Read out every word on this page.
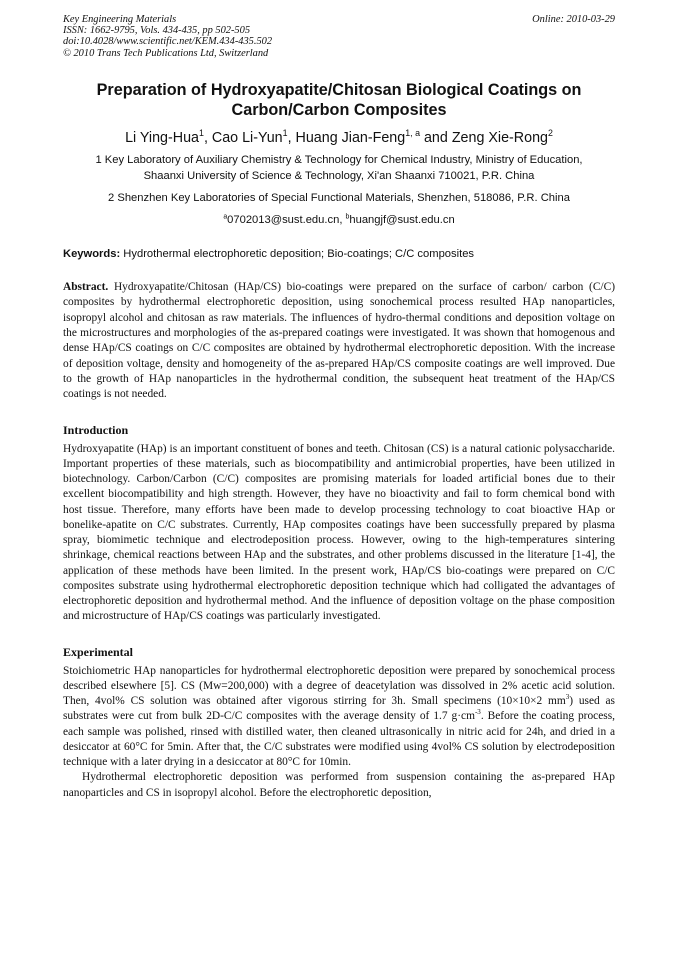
Key Engineering Materials
ISSN: 1662-9795, Vols. 434-435, pp 502-505
doi:10.4028/www.scientific.net/KEM.434-435.502
© 2010 Trans Tech Publications Ltd, Switzerland
Online: 2010-03-29
Preparation of Hydroxyapatite/Chitosan Biological Coatings on
Carbon/Carbon Composites
Li Ying-Hua$^1$, Cao Li-Yun$^1$, Huang Jian-Feng$^{1, a}$ and Zeng Xie-Rong$^2$
1 Key Laboratory of Auxiliary Chemistry & Technology for Chemical Industry, Ministry of Education,
Shaanxi University of Science & Technology, Xi'an Shaanxi 710021, P.R. China
2 Shenzhen Key Laboratories of Special Functional Materials, Shenzhen, 518086, P.R. China
$^a$0702013@sust.edu.cn, $^b$huangjf@sust.edu.cn
Keywords: Hydrothermal electrophoretic deposition; Bio-coatings; C/C composites

Abstract. Hydroxyapatite/Chitosan (HAp/CS) bio-coatings were prepared on the surface of carbon/ carbon (C/C) composites by hydrothermal electrophoretic deposition, using sonochemical process resulted HAp nanoparticles, isopropyl alcohol and chitosan as raw materials. The influences of hydro-thermal conditions and deposition voltage on the microstructures and morphologies of the as-prepared coatings were investigated. It was shown that homogenous and dense HAp/CS coatings on C/C composites are obtained by hydrothermal electrophoretic deposition. With the increase of deposition voltage, density and homogeneity of the as-prepared HAp/CS composite coatings are well improved. Due to the growth of HAp nanoparticles in the hydrothermal condition, the subsequent heat treatment of the HAp/CS coatings is not needed.

Introduction

Hydroxyapatite (HAp) is an important constituent of bones and teeth. Chitosan (CS) is a natural cationic polysaccharide. Important properties of these materials, such as biocompatibility and antimicrobial properties, have been utilized in biotechnology. Carbon/Carbon (C/C) composites are promising materials for loaded artificial bones due to their excellent biocompatibility and high strength. However, they have no bioactivity and fail to form chemical bond with host tissue. Therefore, many efforts have been made to develop processing technology to coat bioactive HAp or bonelike-apatite on C/C substrates. Currently, HAp composites coatings have been successfully prepared by plasma spray, biomimetic technique and electrodeposition process. However, owing to the high-temperatures sintering shrinkage, chemical reactions between HAp and the substrates, and other problems discussed in the literature [1-4], the application of these methods have been limited. In the present work, HAp/CS bio-coatings were prepared on C/C composites substrate using hydrothermal electrophoretic deposition technique which had colligated the advantages of electrophoretic deposition and hydrothermal method. And the influence of deposition voltage on the phase composition and microstructure of HAp/CS coatings was particularly investigated.

Experimental

Stoichiometric HAp nanoparticles for hydrothermal electrophoretic deposition were prepared by sonochemical process described elsewhere [5]. CS (Mw=200,000) with a degree of deacetylation was dissolved in 2% acetic acid solution. Then, 4vol% CS solution was obtained after vigorous stirring for 3h. Small specimens (10×10×2 $mm^3$) used as substrates were cut from bulk 2D-C/C composites with the average density of 1.7 $g\cdot cm^{-3}$. Before the coating process, each sample was polished, rinsed with distilled water, then cleaned ultrasonically in nitric acid for 24h, and dried in a desiccator at 60°C for 5min. After that, the C/C substrates were modified using 4vol% CS solution by electrodeposition technique with a later drying in a desiccator at 80°C for 10min.

Hydrothermal electrophoretic deposition was performed from suspension containing the as-prepared HAp nanoparticles and CS in isopropyl alcohol. Before the electrophoretic deposition,
